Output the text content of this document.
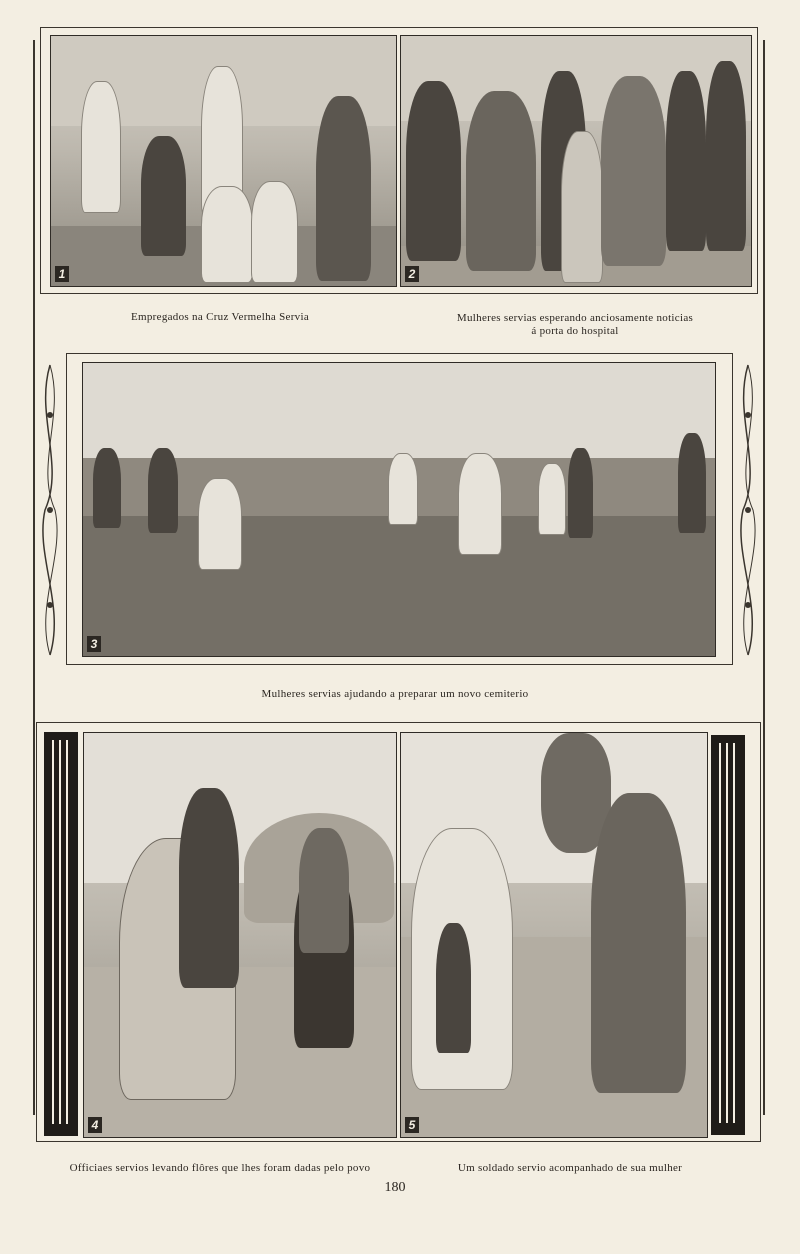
1	2
Empregados na Cruz Vermelha Servia	Mulheres servias esperando anciosamente noticias
á porta do hospital
3
Mulheres servias ajudando a preparar um novo cemiterio
4	5
Officiaes servios levando flôres que lhes foram dadas pelo povo	Um soldado servio acompanhado de sua mulher
180
